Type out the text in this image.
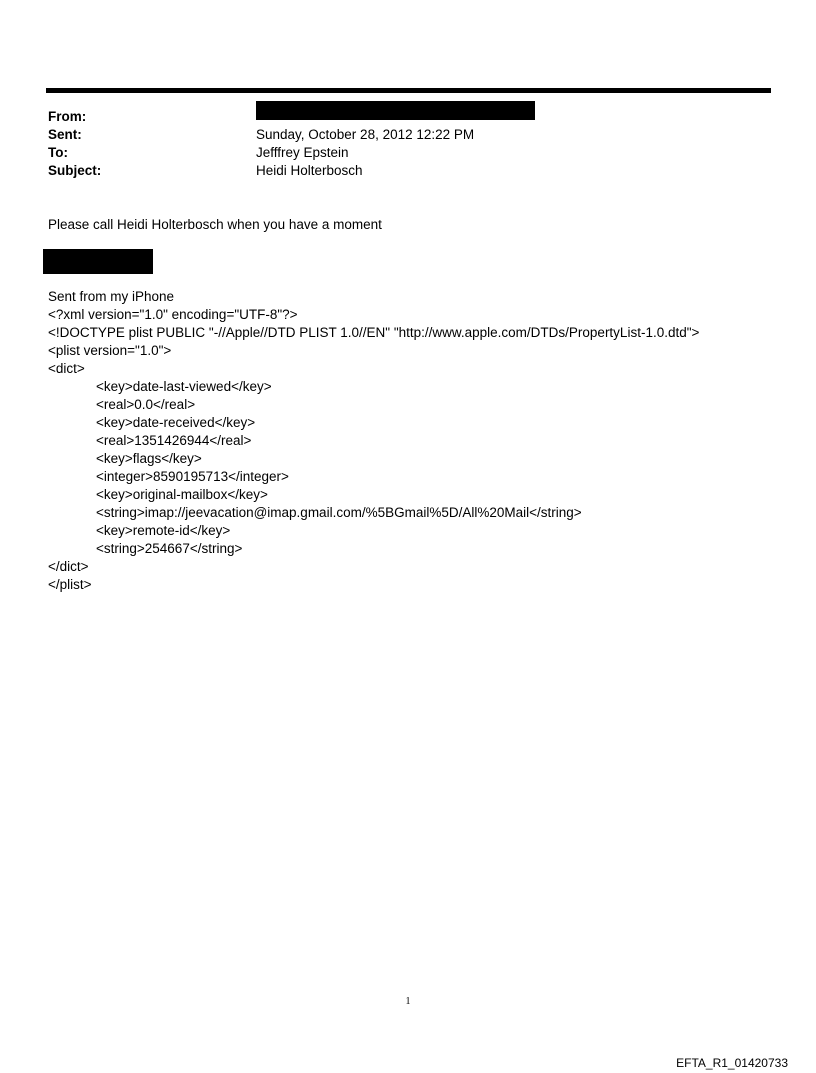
From:
Sent:	Sunday, October 28, 2012 12:22 PM
To:	Jefffrey Epstein
Subject:	Heidi Holterbosch
Please call Heidi Holterbosch when you have a moment
Sent from my iPhone
<?xml version="1.0" encoding="UTF-8"?>
<!DOCTYPE plist PUBLIC "-//Apple//DTD PLIST 1.0//EN" "http://www.apple.com/DTDs/PropertyList-1.0.dtd">
<plist version="1.0">
<dict>
<key>date-last-viewed</key>
<real>0.0</real>
<key>date-received</key>
<real>1351426944</real>
<key>flags</key>
<integer>8590195713</integer>
<key>original-mailbox</key>
<string>imap://jeevacation@imap.gmail.com/%5BGmail%5D/All%20Mail</string>
<key>remote-id</key>
<string>254667</string>
</dict>
</plist>
1
EFTA_R1_01420733
